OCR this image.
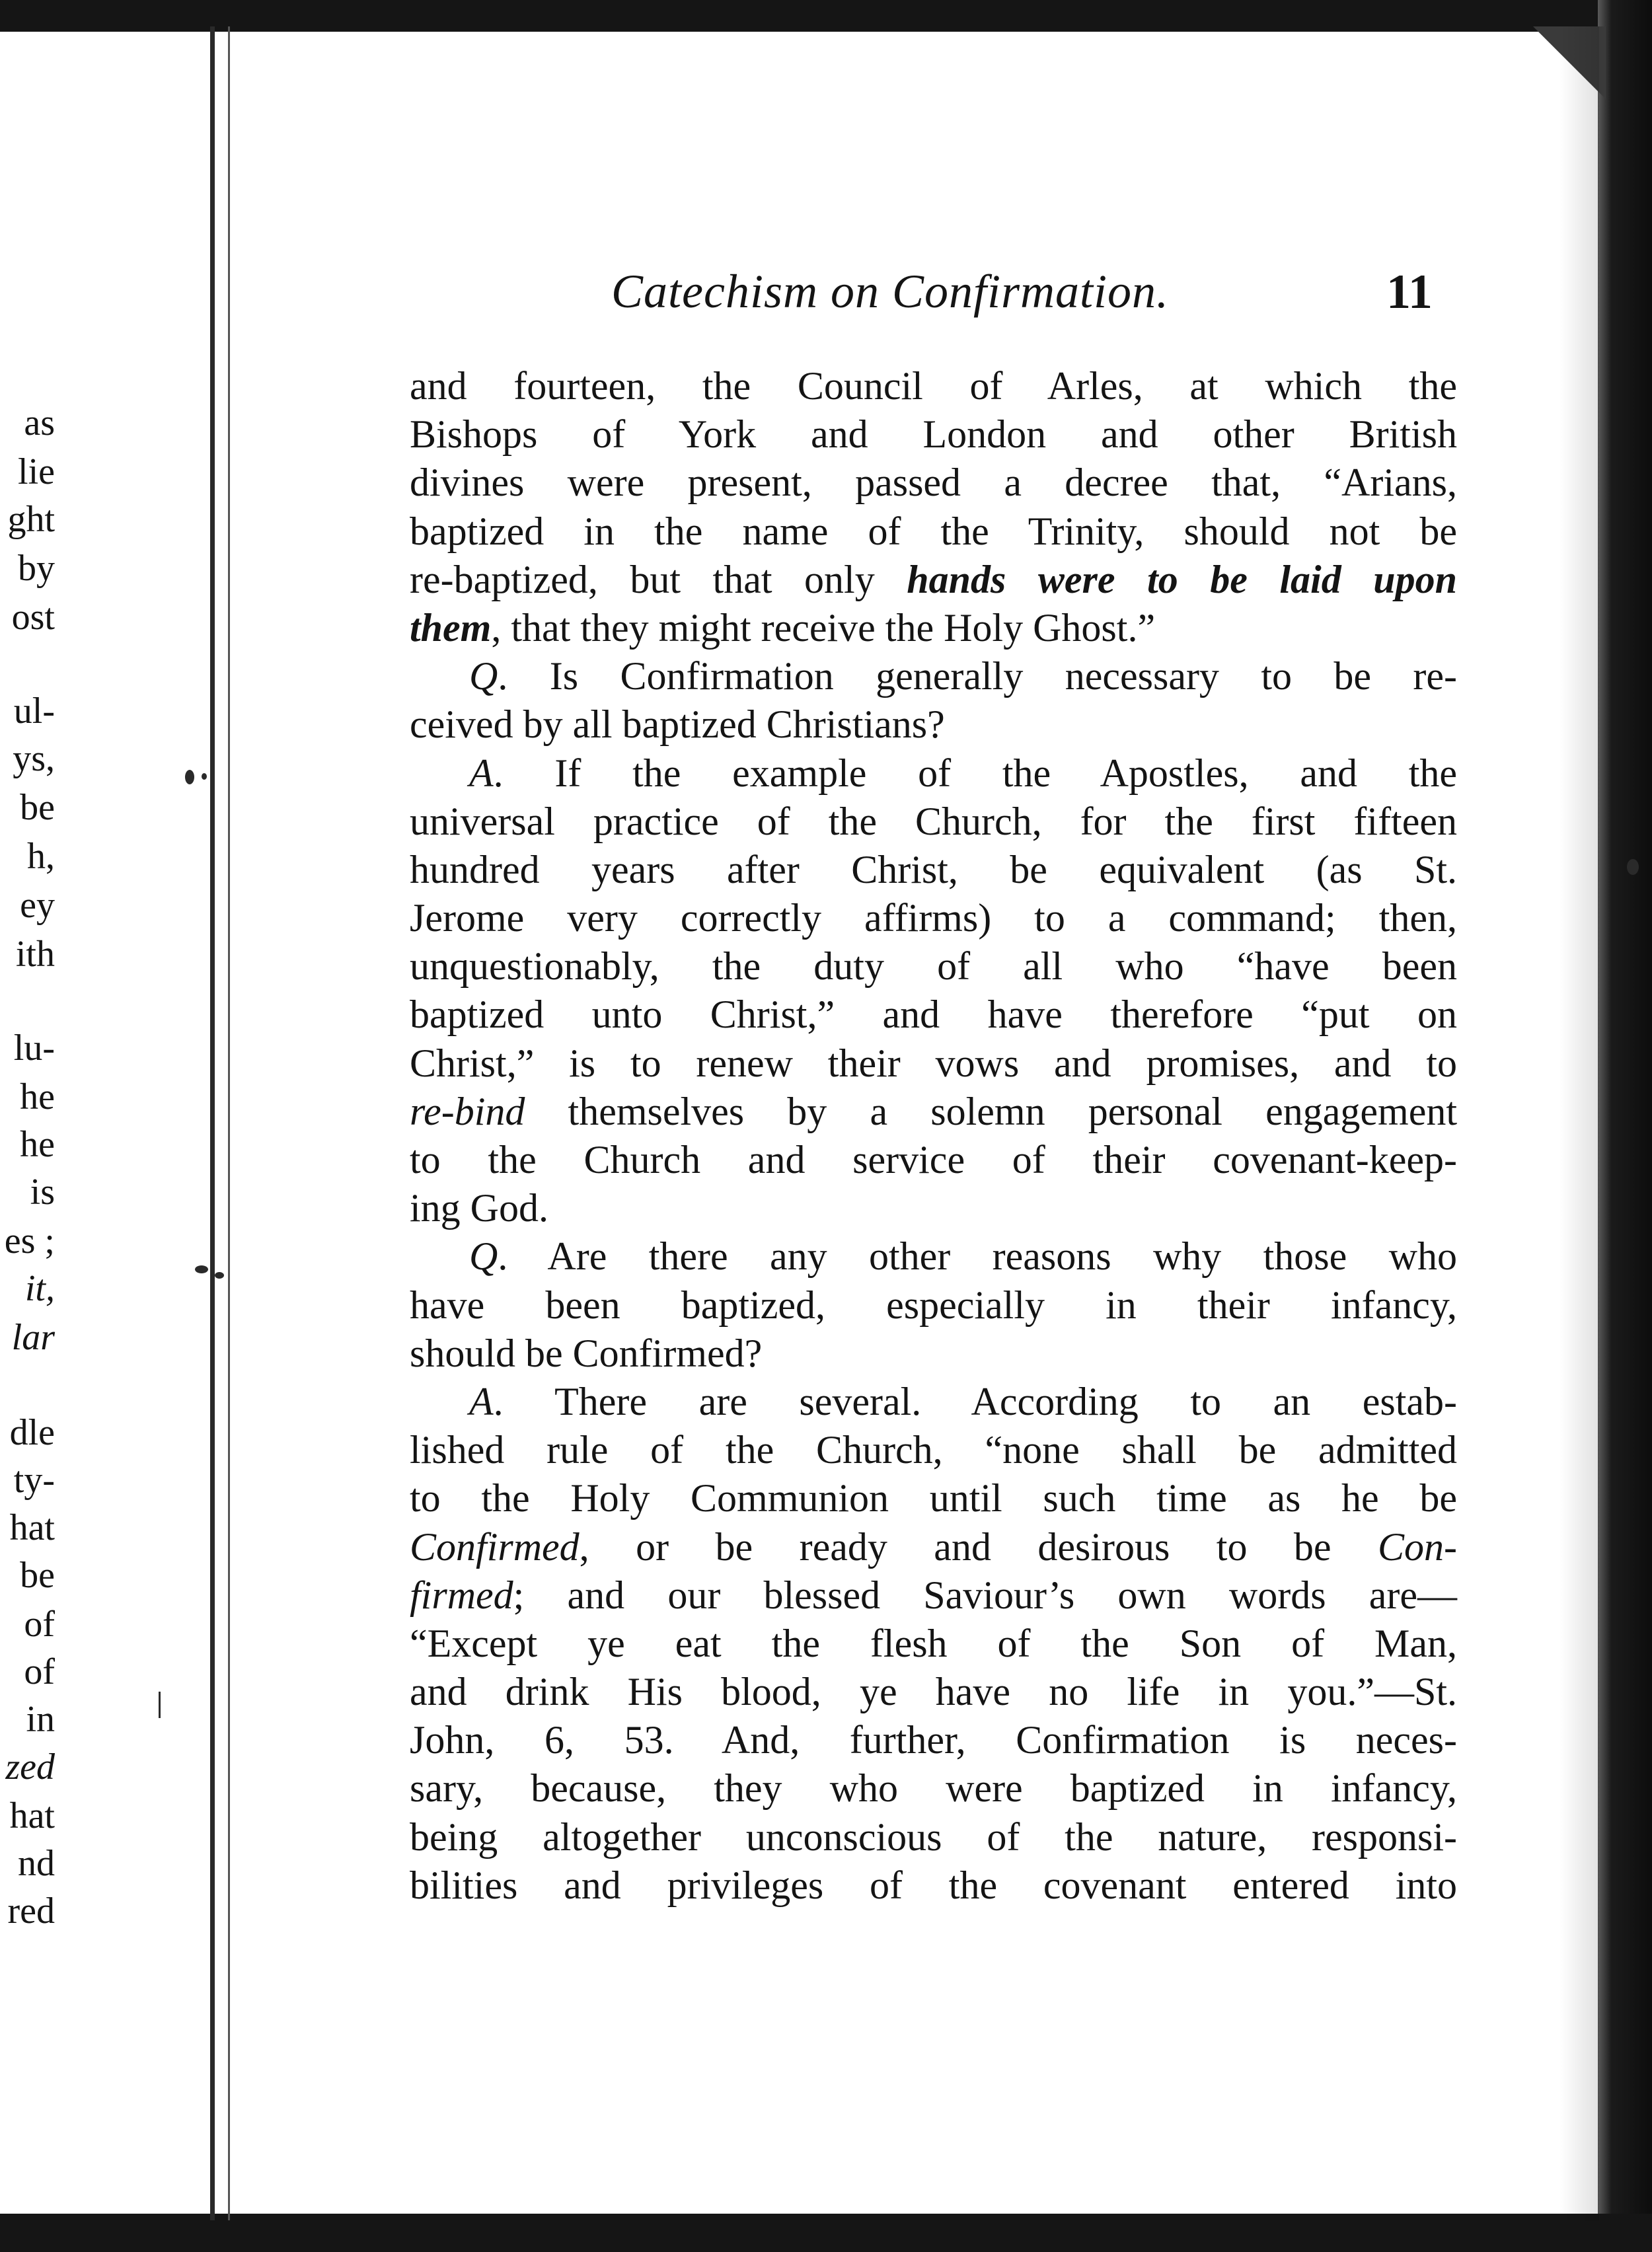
as
lie
ght
by
ost
ul-
ys,
be
h,
ey
ith
lu-
he
he
is
es ;
it,
lar
dle
ty-
hat
be
of
of
in
zed
hat
nd
red
Catechism on Confirmation.	11
and fourteen, the Council of Arles, at which the
Bishops of York and London and other British
divines were present, passed a decree that, “Arians,
baptized in the name of the Trinity, should not be
re-baptized, but that only hands were to be laid upon
them, that they might receive the Holy Ghost.”
Q. Is Confirmation generally necessary to be re-
ceived by all baptized Christians?
A. If the example of the Apostles, and the
universal practice of the Church, for the first fifteen
hundred years after Christ, be equivalent (as St.
Jerome very correctly affirms) to a command; then,
unquestionably, the duty of all who “have been
baptized unto Christ,” and have therefore “put on
Christ,” is to renew their vows and promises, and to
re-bind themselves by a solemn personal engagement
to the Church and service of their covenant-keep-
ing God.
Q. Are there any other reasons why those who
have been baptized, especially in their infancy,
should be Confirmed?
A. There are several. According to an estab-
lished rule of the Church, “none shall be admitted
to the Holy Communion until such time as he be
Confirmed, or be ready and desirous to be Con-
firmed; and our blessed Saviour’s own words are—
“Except ye eat the flesh of the Son of Man,
and drink His blood, ye have no life in you.”—St.
John, 6, 53. And, further, Confirmation is neces-
sary, because, they who were baptized in infancy,
being altogether unconscious of the nature, responsi-
bilities and privileges of the covenant entered into
